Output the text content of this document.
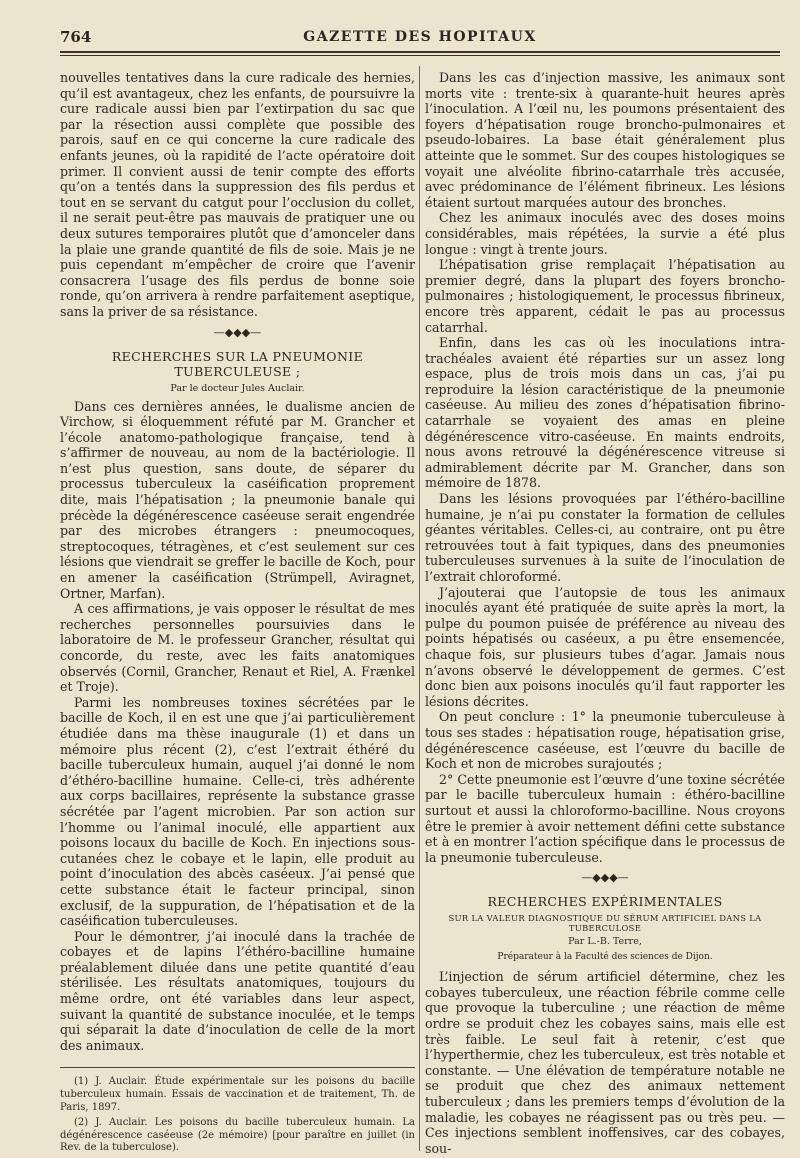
764	GAZETTE DES HOPITAUX

nouvelles tentatives dans la cure radicale des hernies, qu’il est avantageux, chez les enfants, de poursuivre la cure radicale aussi bien par l’extirpation du sac que par la résection aussi complète que possible des parois, sauf en ce qui concerne la cure radicale des enfants jeunes, où la rapidité de l’acte opératoire doit primer. Il convient aussi de tenir compte des efforts qu’on a tentés dans la suppression des fils perdus et tout en se servant du catgut pour l’occlusion du collet, il ne serait peut-être pas mauvais de pratiquer une ou deux sutures temporaires plutôt que d’amonceler dans la plaie une grande quantité de fils de soie. Mais je ne puis cependant m’empêcher de croire que l’avenir consacrera l’usage des fils perdus de bonne soie ronde, qu’on arrivera à rendre parfaitement aseptique, sans la priver de sa résistance.

—◆◆◆—
RECHERCHES SUR LA PNEUMONIE TUBERCULEUSE ;
Par le docteur Jules Auclair.

Dans ces dernières années, le dualisme ancien de Virchow, si éloquemment réfuté par M. Grancher et l’école anatomo-pathologique française, tend à s’affirmer de nouveau, au nom de la bactériologie. Il n’est plus question, sans doute, de séparer du processus tuberculeux la caséification proprement dite, mais l’hépatisation ; la pneumonie banale qui précède la dégénérescence caséeuse serait engendrée par des microbes étrangers : pneumocoques, streptocoques, tétragènes, et c’est seulement sur ces lésions que viendrait se greffer le bacille de Koch, pour en amener la caséification (Strümpell, Aviragnet, Ortner, Marfan).

A ces affirmations, je vais opposer le résultat de mes recherches personnelles poursuivies dans le laboratoire de M. le professeur Grancher, résultat qui concorde, du reste, avec les faits anatomiques observés (Cornil, Grancher, Renaut et Riel, A. Frænkel et Troje).

Parmi les nombreuses toxines sécrétées par le bacille de Koch, il en est une que j’ai particulièrement étudiée dans ma thèse inaugurale (1) et dans un mémoire plus récent (2), c’est l’extrait éthéré du bacille tuberculeux humain, auquel j’ai donné le nom d’éthéro-bacilline humaine. Celle-ci, très adhérente aux corps bacillaires, représente la substance grasse sécrétée par l’agent microbien. Par son action sur l’homme ou l’animal inoculé, elle appartient aux poisons locaux du bacille de Koch. En injections sous-cutanées chez le cobaye et le lapin, elle produit au point d’inoculation des abcès caséeux. J’ai pensé que cette substance était le facteur principal, sinon exclusif, de la suppuration, de l’hépatisation et de la caséification tuberculeuses.

Pour le démontrer, j’ai inoculé dans la trachée de cobayes et de lapins l’éthéro-bacilline humaine préalablement diluée dans une petite quantité d’eau stérilisée. Les résultats anatomiques, toujours du même ordre, ont été variables dans leur aspect, suivant la quantité de substance inoculée, et le temps qui séparait la date d’inoculation de celle de la mort des animaux.

(1) J. Auclair. Étude expérimentale sur les poisons du bacille tuberculeux humain. Essais de vaccination et de traitement, Th. de Paris, 1897.

(2) J. Auclair. Les poisons du bacille tuberculeux humain. La dégénérescence caséeuse (2e mémoire) [pour paraître en juillet (in Rev. de la tuberculose).

Dans les cas d’injection massive, les animaux sont morts vite : trente-six à quarante-huit heures après l’inoculation. A l’œil nu, les poumons présentaient des foyers d’hépatisation rouge broncho-pulmonaires et pseudo-lobaires. La base était généralement plus atteinte que le sommet. Sur des coupes histologiques se voyait une alvéolite fibrino-catarrhale très accusée, avec prédominance de l’élément fibrineux. Les lésions étaient surtout marquées autour des bronches.

Chez les animaux inoculés avec des doses moins considérables, mais répétées, la survie a été plus longue : vingt à trente jours.

L’hépatisation grise remplaçait l’hépatisation au premier degré, dans la plupart des foyers broncho-pulmonaires ; histologiquement, le processus fibrineux, encore très apparent, cédait le pas au processus catarrhal.

Enfin, dans les cas où les inoculations intra-trachéales avaient été réparties sur un assez long espace, plus de trois mois dans un cas, j’ai pu reproduire la lésion caractéristique de la pneumonie caséeuse. Au milieu des zones d’hépatisation fibrino-catarrhale se voyaient des amas en pleine dégénérescence vitro-caséeuse. En maints endroits, nous avons retrouvé la dégénérescence vitreuse si admirablement décrite par M. Grancher, dans son mémoire de 1878.

Dans les lésions provoquées par l’éthéro-bacilline humaine, je n’ai pu constater la formation de cellules géantes véritables. Celles-ci, au contraire, ont pu être retrouvées tout à fait typiques, dans des pneumonies tuberculeuses survenues à la suite de l’inoculation de l’extrait chloroformé.

J’ajouterai que l’autopsie de tous les animaux inoculés ayant été pratiquée de suite après la mort, la pulpe du poumon puisée de préférence au niveau des points hépatisés ou caséeux, a pu être ensemencée, chaque fois, sur plusieurs tubes d’agar. Jamais nous n’avons observé le développement de germes. C’est donc bien aux poisons inoculés qu’il faut rapporter les lésions décrites.

On peut conclure : 1° la pneumonie tuberculeuse à tous ses stades : hépatisation rouge, hépatisation grise, dégénérescence caséeuse, est l’œuvre du bacille de Koch et non de microbes surajoutés ;

2° Cette pneumonie est l’œuvre d’une toxine sécrétée par le bacille tuberculeux humain : éthéro-bacilline surtout et aussi la chloroformo-bacilline. Nous croyons être le premier à avoir nettement défini cette substance et à en montrer l’action spécifique dans le processus de la pneumonie tuberculeuse.

—◆◆◆—
RECHERCHES EXPÉRIMENTALES
SUR LA VALEUR DIAGNOSTIQUE DU SÉRUM ARTIFICIEL DANS LA TUBERCULOSE
Par L.-B. Terre,
Préparateur à la Faculté des sciences de Dijon.

L’injection de sérum artificiel détermine, chez les cobayes tuberculeux, une réaction fébrile comme celle que provoque la tuberculine ; une réaction de même ordre se produit chez les cobayes sains, mais elle est très faible. Le seul fait à retenir, c’est que l’hyperthermie, chez les tuberculeux, est très notable et constante. — Une élévation de température notable ne se produit que chez des animaux nettement tuberculeux ; dans les premiers temps d’évolution de la maladie, les cobayes ne réagissent pas ou très peu. — Ces injections semblent inoffensives, car des cobayes, sou-
